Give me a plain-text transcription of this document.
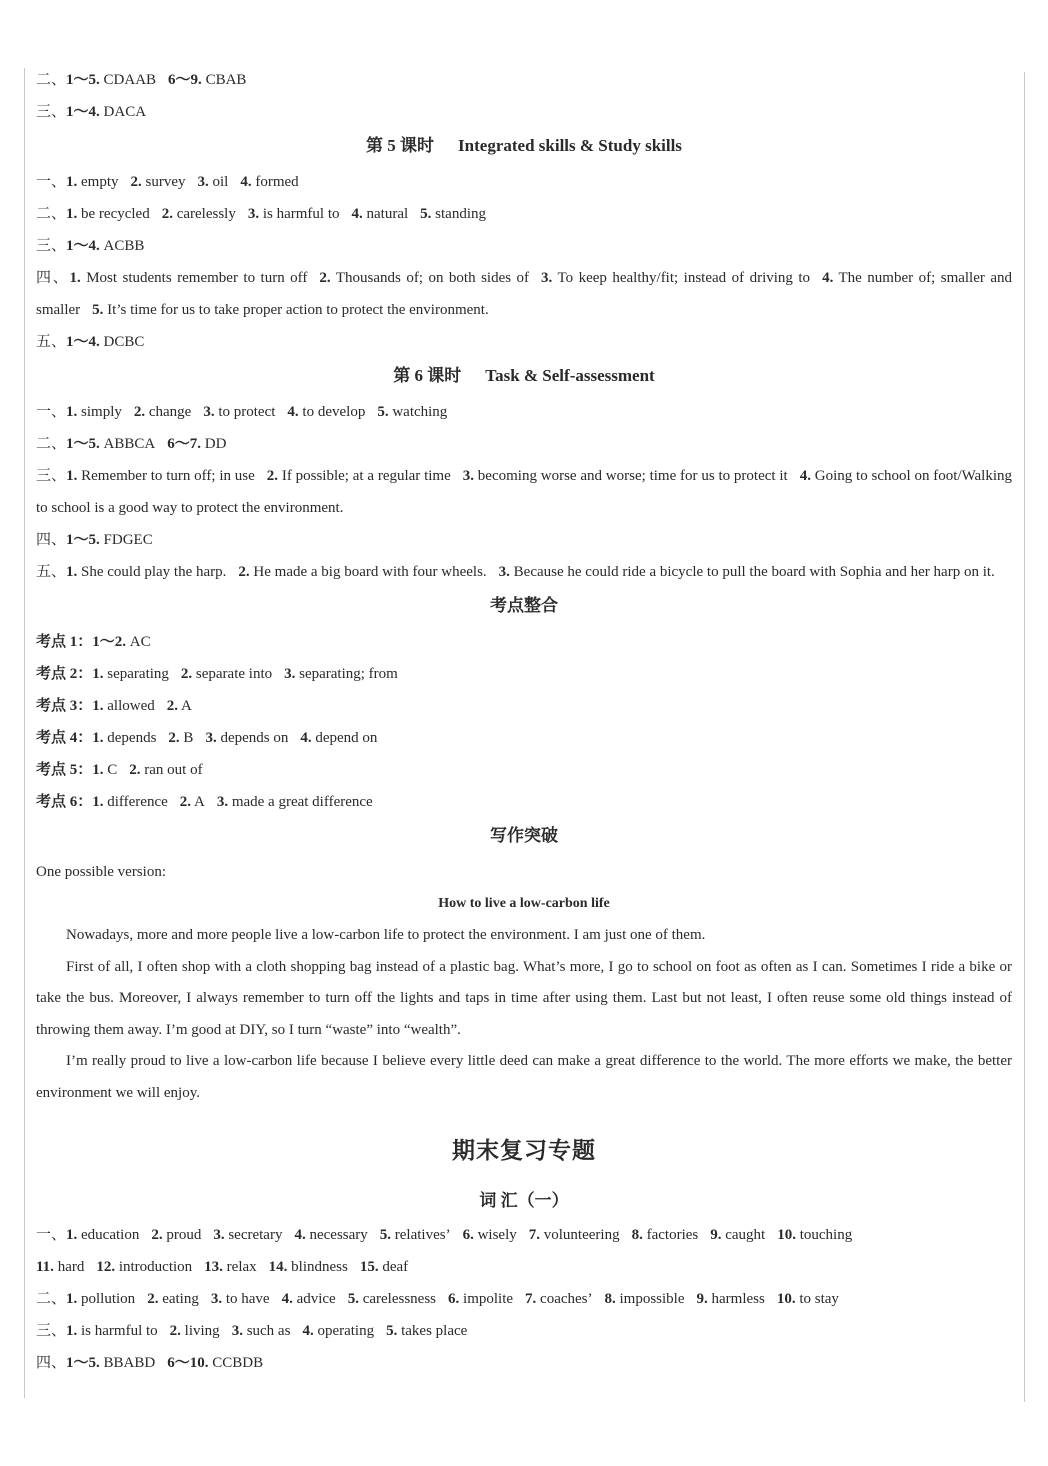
二、1～5. CDAAB 6～9. CBAB
三、1～4. DACA
第 5 课时 Integrated skills & Study skills
一、1. empty 2. survey 3. oil 4. formed
二、1. be recycled 2. carelessly 3. is harmful to 4. natural 5. standing
三、1～4. ACBB
四、1. Most students remember to turn off 2. Thousands of; on both sides of 3. To keep healthy/fit; instead of driving to 4. The number of; smaller and smaller 5. It’s time for us to take proper action to protect the environment.
五、1～4. DCBC
第 6 课时 Task & Self-assessment
一、1. simply 2. change 3. to protect 4. to develop 5. watching
二、1～5. ABBCA 6～7. DD
三、1. Remember to turn off; in use 2. If possible; at a regular time 3. becoming worse and worse; time for us to protect it 4. Going to school on foot/Walking to school is a good way to protect the environment.
四、1～5. FDGEC
五、1. She could play the harp. 2. He made a big board with four wheels. 3. Because he could ride a bicycle to pull the board with Sophia and her harp on it.
考点整合
考点 1：1～2. AC
考点 2：1. separating 2. separate into 3. separating; from
考点 3：1. allowed 2. A
考点 4：1. depends 2. B 3. depends on 4. depend on
考点 5：1. C 2. ran out of
考点 6：1. difference 2. A 3. made a great difference
写作突破
One possible version:
How to live a low-carbon life
Nowadays, more and more people live a low-carbon life to protect the environment. I am just one of them.
First of all, I often shop with a cloth shopping bag instead of a plastic bag. What’s more, I go to school on foot as often as I can. Sometimes I ride a bike or take the bus. Moreover, I always remember to turn off the lights and taps in time after using them. Last but not least, I often reuse some old things instead of throwing them away. I’m good at DIY, so I turn “waste” into “wealth”.
I’m really proud to live a low-carbon life because I believe every little deed can make a great difference to the world. The more efforts we make, the better environment we will enjoy.
期末复习专题
词 汇（一）
一、1. education 2. proud 3. secretary 4. necessary 5. relatives’ 6. wisely 7. volunteering 8. factories 9. caught 10. touching
11. hard 12. introduction 13. relax 14. blindness 15. deaf
二、1. pollution 2. eating 3. to have 4. advice 5. carelessness 6. impolite 7. coaches’ 8. impossible 9. harmless 10. to stay
三、1. is harmful to 2. living 3. such as 4. operating 5. takes place
四、1～5. BBABD 6～10. CCBDB
